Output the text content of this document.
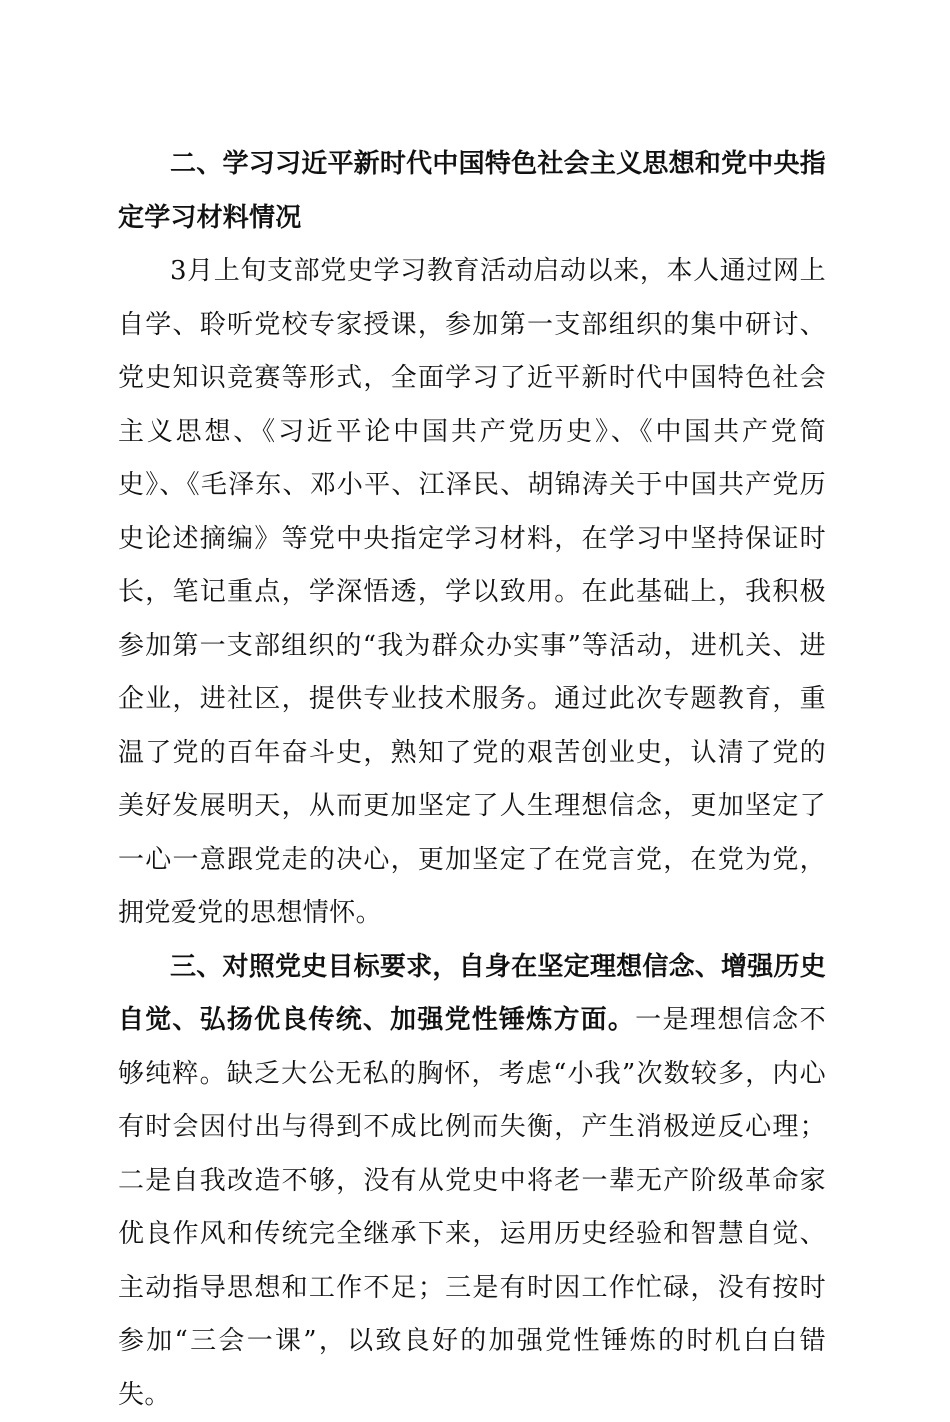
二、学习习近平新时代中国特色社会主义思想和党中央指定学习材料情况

3月上旬支部党史学习教育活动启动以来，本人通过网上自学、聆听党校专家授课，参加第一支部组织的集中研讨、党史知识竞赛等形式，全面学习了近平新时代中国特色社会主义思想、《习近平论中国共产党历史》、《中国共产党简史》、《毛泽东、邓小平、江泽民、胡锦涛关于中国共产党历史论述摘编》等党中央指定学习材料，在学习中坚持保证时长，笔记重点，学深悟透，学以致用。在此基础上，我积极参加第一支部组织的“我为群众办实事”等活动，进机关、进企业，进社区，提供专业技术服务。通过此次专题教育，重温了党的百年奋斗史，熟知了党的艰苦创业史，认清了党的美好发展明天，从而更加坚定了人生理想信念，更加坚定了一心一意跟党走的决心，更加坚定了在党言党，在党为党，拥党爱党的思想情怀。

三、对照党史目标要求，自身在坚定理想信念、增强历史自觉、弘扬优良传统、加强党性锤炼方面。一是理想信念不够纯粹。缺乏大公无私的胸怀，考虑“小我”次数较多，内心有时会因付出与得到不成比例而失衡，产生消极逆反心理；二是自我改造不够，没有从党史中将老一辈无产阶级革命家优良作风和传统完全继承下来，运用历史经验和智慧自觉、主动指导思想和工作不足；三是有时因工作忙碌，没有按时参加“三会一课”，以致良好的加强党性锤炼的时机白白错失。
